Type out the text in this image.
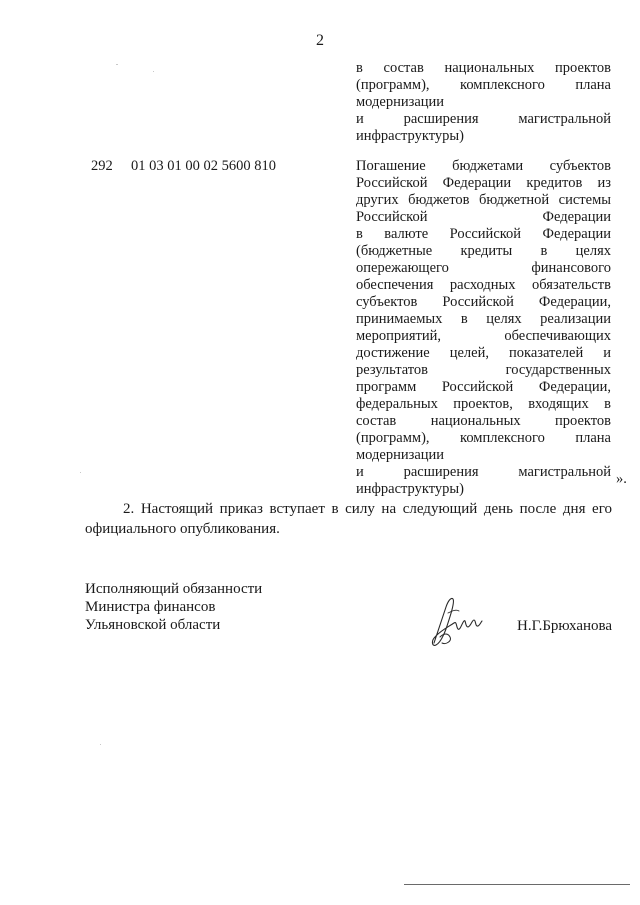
2
в состав национальных проектов
(программ), комплексного плана
модернизации
и расширения магистральной
инфраструктуры)
292 01 03 01 00 02 5600 810	Погашение бюджетами субъектов
Российской Федерации кредитов из
других бюджетов бюджетной системы
Российской Федерации
в валюте Российской Федерации
(бюджетные кредиты в целях
опережающего финансового
обеспечения расходных обязательств
субъектов Российской Федерации,
принимаемых в целях реализации
мероприятий, обеспечивающих
достижение целей, показателей и
результатов государственных
программ Российской Федерации,
федеральных проектов, входящих в
состав национальных проектов
(программ), комплексного плана
модернизации
и расширения магистральной
инфраструктуры)
».
2. Настоящий приказ вступает в силу на следующий день после дня его официального опубликования.
Исполняющий обязанности
Министра финансов
Ульяновской области	Н.Г.Брюханова
